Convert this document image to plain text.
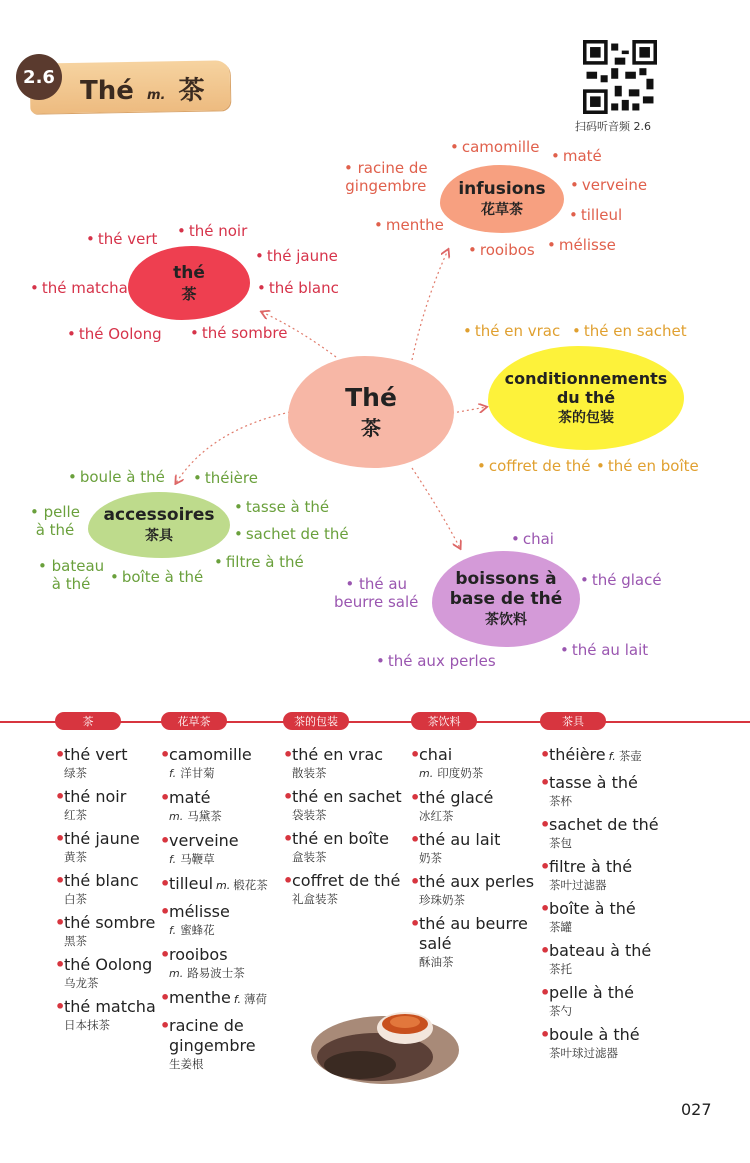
2.6 Thé m. 茶
扫码听音频 2.6
Thé
茶
thé
茶
• thé vert	• thé noir
• thé jaune
• thé blanc
• thé matcha
• thé Oolong	• thé sombre
infusions
花草茶
• camomille	• maté
• verveine
• tilleul
• mélisse
• rooibos
• menthe
• racine de
gingembre
conditionnements
du thé
茶的包装
• thé en vrac	• thé en sachet
• coffret de thé	• thé en boîte
accessoires
茶具
• boule à thé	• théière
• tasse à thé
• sachet de thé
• filtre à thé
• boîte à thé
• pelle
à thé
• bateau
à thé	boissons à
base de thé
茶饮料
• chai
• thé glacé
• thé au lait
• thé aux perles
• thé au
beurre salé
茶	花草茶	茶的包装	茶饮料	茶具
•
thé vert
绿茶
•
thé noir
红茶
•
thé jaune
黄茶
•
thé blanc
白茶
•
thé sombre
黑茶
•
thé Oolong
乌龙茶
•
thé matcha
日本抹茶
•
camomille
f. 洋甘菊
•
maté
m. 马黛茶
•
verveine
f. 马鞭草
•
tilleul m. 椴花茶
•
mélisse
f. 蜜蜂花
•
rooibos
m. 路易波士茶
•
menthe f. 薄荷
•
racine de
gingembre
生姜根
•
thé en vrac
散装茶
•
thé en sachet
袋装茶
•
thé en boîte
盒装茶
•
coffret de thé
礼盒装茶
•
chai
m. 印度奶茶
•
thé glacé
冰红茶
•
thé au lait
奶茶
•
thé aux perles
珍珠奶茶
•
thé au beurre
salé
酥油茶
•
théière f. 茶壶
•
tasse à thé
茶杯
•
sachet de thé
茶包
•
filtre à thé
茶叶过滤器
•
boîte à thé
茶罐
•
bateau à thé
茶托
•
pelle à thé
茶勺
•
boule à thé
茶叶球过滤器
027
